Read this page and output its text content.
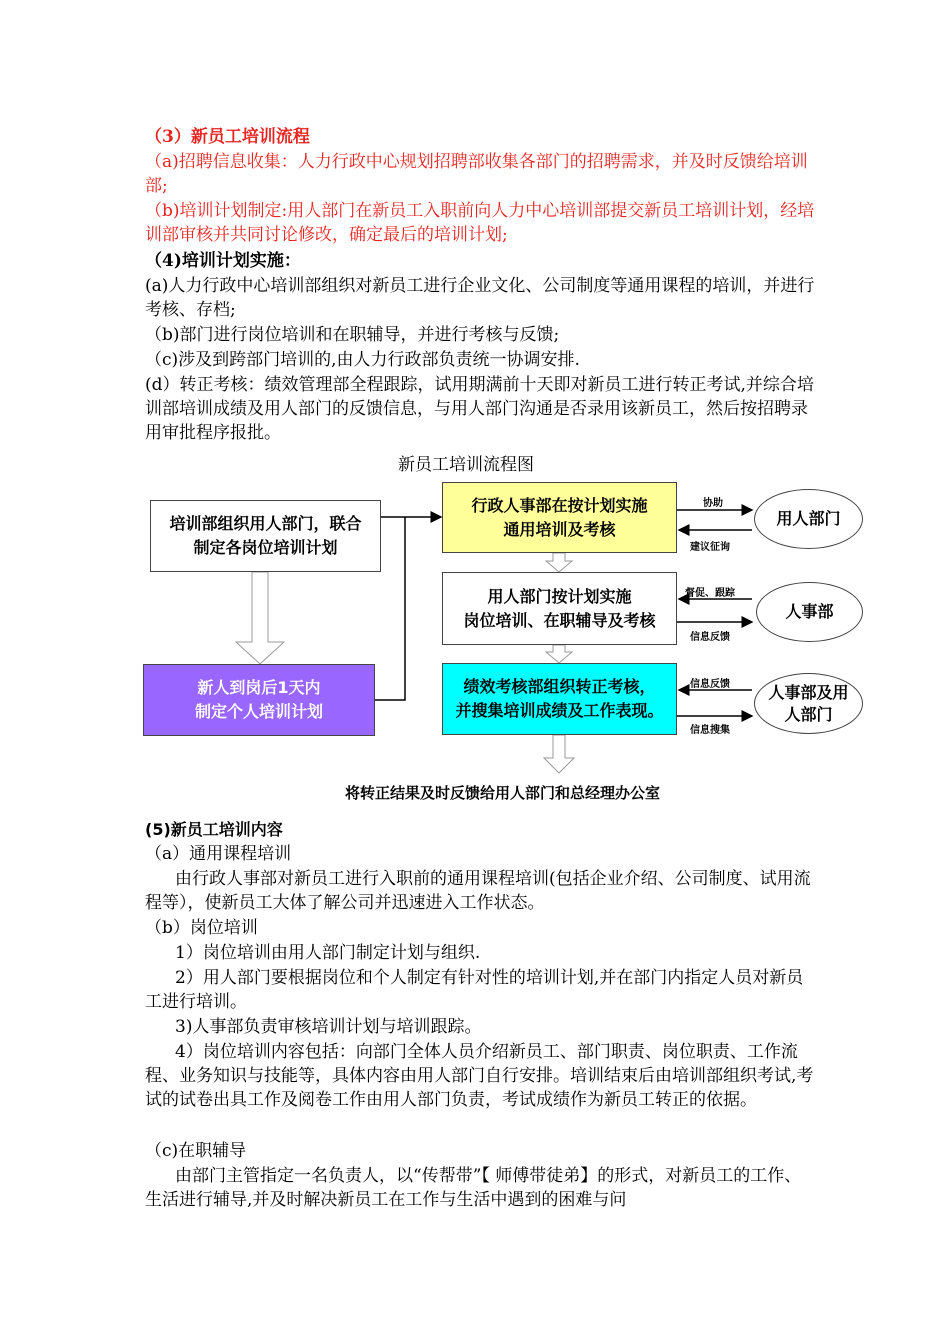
（3）新员工培训流程

（a)招聘信息收集：人力行政中心规划招聘部收集各部门的招聘需求，并及时反馈给培训部;

（b)培训计划制定:用人部门在新员工入职前向人力中心培训部提交新员工培训计划，经培训部审核并共同讨论修改，确定最后的培训计划;

（4)培训计划实施：

(a)人力行政中心培训部组织对新员工进行企业文化、公司制度等通用课程的培训，并进行考核、存档;

（b)部门进行岗位培训和在职辅导，并进行考核与反馈;

（c)涉及到跨部门培训的,由人力行政部负责统一协调安排.

(d）转正考核：绩效管理部全程跟踪，试用期满前十天即对新员工进行转正考试,并综合培训部培训成绩及用人部门的反馈信息，与用人部门沟通是否录用该新员工，然后按招聘录用审批程序报批。

新员工培训流程图
培训部组织用人部门，联合
制定各岗位培训计划
新人到岗后1天内
制定个人培训计划
行政人事部在按计划实施
通用培训及考核
用人部门按计划实施
岗位培训、在职辅导及考核
绩效考核部组织转正考核，
并搜集培训成绩及工作表现。
用人部门
人事部
人事部及用
人部门
协助
建议征询
督促、跟踪
信息反馈
信息反馈
信息搜集
将转正结果及时反馈给用人部门和总经理办公室

(5)新员工培训内容

（a）通用课程培训

由行政人事部对新员工进行入职前的通用课程培训(包括企业介绍、公司制度、试用流程等），使新员工大体了解公司并迅速进入工作状态。

（b）岗位培训

1）岗位培训由用人部门制定计划与组织.

2）用人部门要根据岗位和个人制定有针对性的培训计划,并在部门内指定人员对新员工进行培训。

3)人事部负责审核培训计划与培训跟踪。

4）岗位培训内容包括：向部门全体人员介绍新员工、部门职责、岗位职责、工作流程、业务知识与技能等，具体内容由用人部门自行安排。培训结束后由培训部组织考试,考试的试卷出具工作及阅卷工作由用人部门负责，考试成绩作为新员工转正的依据。

（c)在职辅导

由部门主管指定一名负责人，以“传帮带”【 师傅带徒弟】的形式，对新员工的工作、生活进行辅导,并及时解决新员工在工作与生活中遇到的困难与问
